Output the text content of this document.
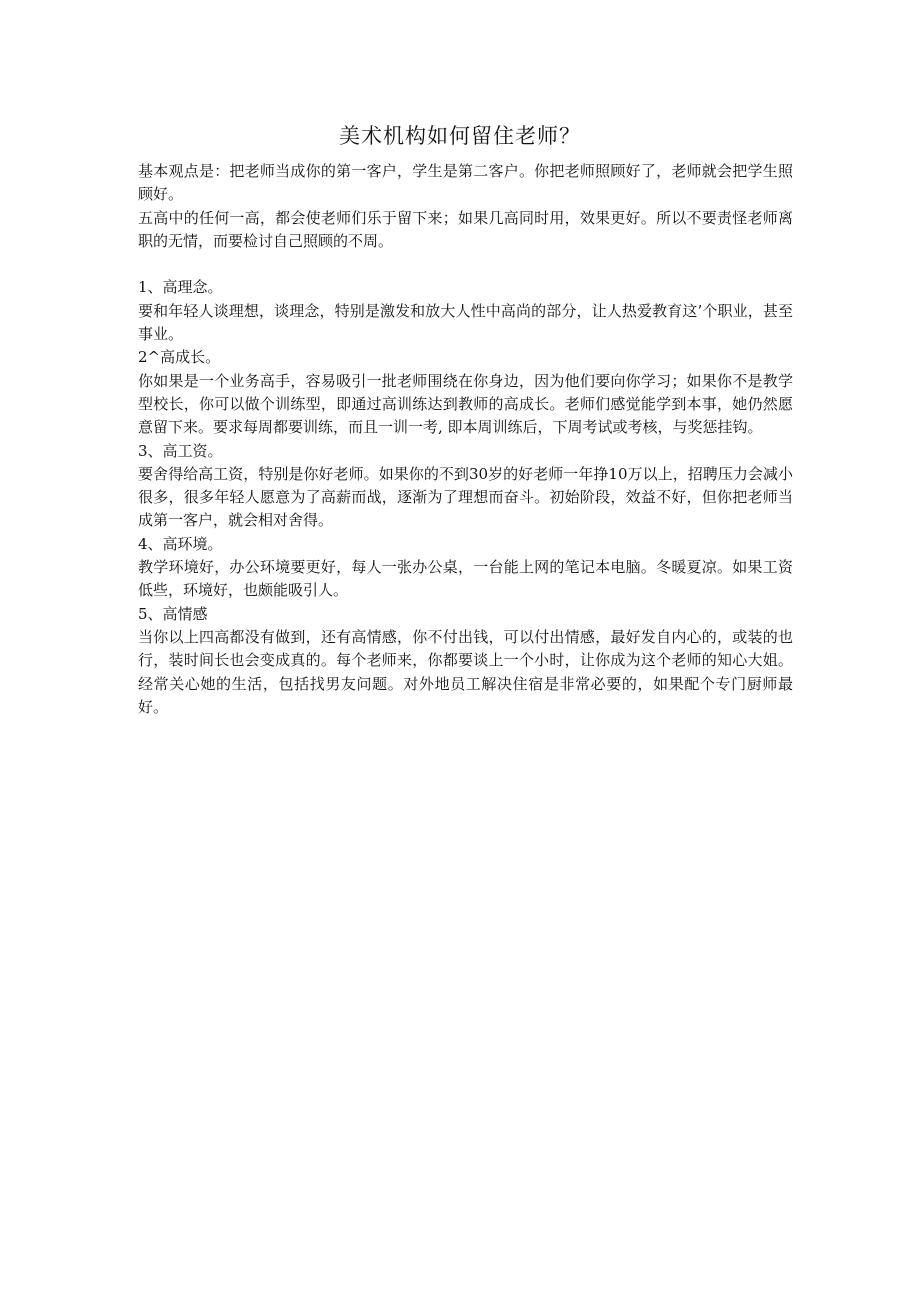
美术机构如何留住老师？

基本观点是：把老师当成你的第一客户，学生是第二客户。你把老师照顾好了，老师就会把学生照顾好。

五高中的任何一高，都会使老师们乐于留下来；如果几高同时用，效果更好。所以不要责怪老师离职的无情，而要检讨自己照顾的不周。

1、高理念。

要和年轻人谈理想，谈理念，特别是激发和放大人性中高尚的部分，让人热爱教育这’个职业，甚至事业。

2^高成长。

你如果是一个业务高手，容易吸引一批老师围绕在你身边，因为他们要向你学习；如果你不是教学型校长，你可以做个训练型，即通过高训练达到教师的高成长。老师们感觉能学到本事，她仍然愿意留下来。要求每周都要训练，而且一训一考, 即本周训练后，下周考试或考核，与奖惩挂钩。

3、高工资。

要舍得给高工资，特别是你好老师。如果你的不到30岁的好老师一年挣10万以上，招聘压力会减小很多，很多年轻人愿意为了高薪而战，逐渐为了理想而奋斗。初始阶段，效益不好，但你把老师当成第一客户，就会相对舍得。

4、高环境。

教学环境好，办公环境要更好，每人一张办公桌，一台能上网的笔记本电脑。冬暖夏凉。如果工资低些，环境好，也颇能吸引人。

5、高情感

当你以上四高都没有做到，还有高情感，你不付出钱，可以付出情感，最好发自内心的，或装的也行，装时间长也会变成真的。每个老师来，你都要谈上一个小时，让你成为这个老师的知心大姐。经常关心她的生活，包括找男友问题。对外地员工解决住宿是非常必要的，如果配个专门厨师最好。
